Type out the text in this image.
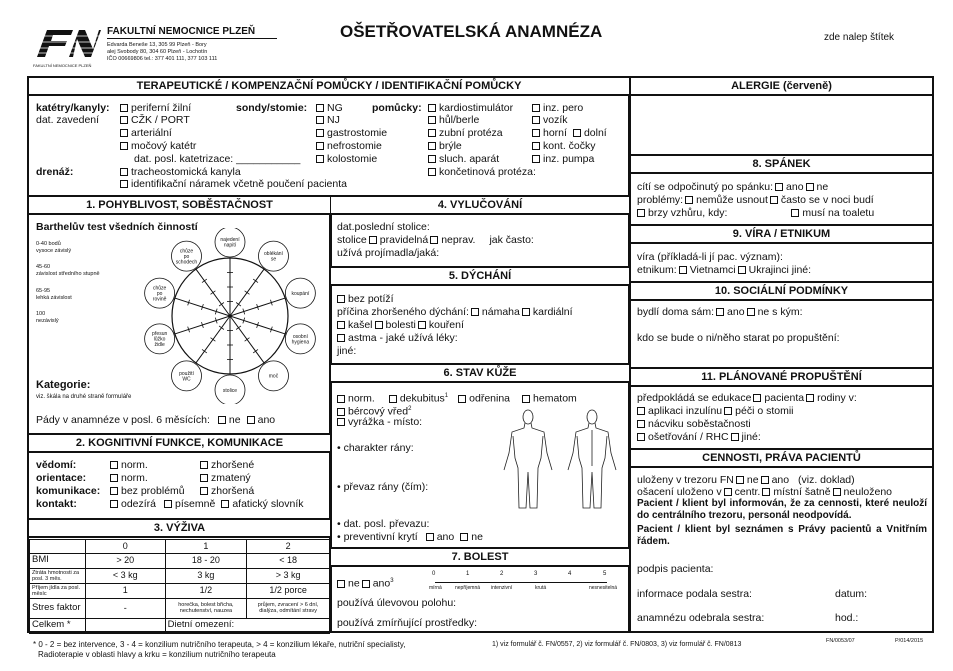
FAKULTNÍ NEMOCNICE PLZEŇ
FAKULTNÍ NEMOCNICE PLZEŇ
Edvarda Beneše 13, 305 99 Plzeň - Bory
alej Svobody 80, 304 60 Plzeň - Lochotín
IČO 00669806 tel.: 377 401 111, 377 103 111
OŠETŘOVATELSKÁ ANAMNÉZA	zde nalep štítek
TERAPEUTICKÉ / KOMPENZAČNÍ POMŮCKY / IDENTIFIKAČNÍ POMŮCKY
katétry/kanyly:
dat. zavedení
periferní žilní
CŽK / PORT
arteriální
močový katétr
dat. posl. katetrizace: ___________
sondy/stomie:	NG
NJ
gastrostomie
nefrostomie
kolostomie
pomůcky:	kardiostimulátor
hůl/berle
zubní protéza
brýle
sluch. aparát
inz. pero
vozík
horní dolní
kont. čočky
inz. pumpa
končetinová protéza:
drenáž:	tracheostomická kanyla
identifikační náramek včetně poučení pacienta
ALERGIE (červeně)
8. SPÁNEK
cítí se odpočinutý po spánku: ano ne
problémy: nemůže usnout často se v noci budí
brzy vzhůru, kdy:	musí na toaletu
9. VÍRA / ETNIKUM
víra (příkladá-li jí pac. význam):
etnikum: Vietnamci Ukrajinci jiné:
10. SOCIÁLNÍ PODMÍNKY
bydlí doma sám: ano ne s kým:
kdo se bude o ni/něho starat po propuštění:
11. PLÁNOVANÉ PROPUŠTĚNÍ
předpokládá se edukace pacienta rodiny v:
aplikaci inzulínu péči o stomii
nácviku soběstačnosti
ošetřování / RHC jiné:
CENNOSTI, PRÁVA PACIENTŮ
uloženy v trezoru FN ne ano (viz. doklad)
ošacení uloženo v centr. místní šatně neuloženo
Pacient / klient byl informován, že za cennosti, které neuloží do centrálního trezoru, personál neodpovídá.
Pacient / klient byl seznámen s Právy pacientů a Vnitřním řádem.
podpis pacienta:
informace podala sestra:	datum:
anamnézu odebrala sestra:	hod.:
1. POHYBLIVOST, SOBĚSTAČNOST
Barthelův test všedních činností
0-40 bodů
vysoce závislý
45-60
závislost středního stupně
65-95
lehká závislost
100
nezávislý
najedení
napití
oblékání
se
koupání
osobní
hygiena
moč
stolice
použití
WC
přesun
lůžko
židle
chůze
po
rovině
chůze
po
schodech
Kategorie:
viz. škála na druhé straně formuláře
Pády v anamnéze v posl. 6 měsících: ne ano
2. KOGNITIVNÍ FUNKCE, KOMUNIKACE
vědomí:	norm.	zhoršené
orientace:	norm.	zmatený
komunikace:	bez problémů	zhoršená
kontakt:	odezírá písemně afatický slovník
3. VÝŽIVA
	0	1	2
BMI	> 20	18 - 20	< 18
Ztráta hmotnosti za posl. 3 měs.	< 3 kg	3 kg	> 3 kg
Příjem jídla za posl. měsíc	1	1/2	1/2 porce
Stres faktor	-	horečka, bolest břicha, nechutenství, nauzea	průjem, zvracení > 6 dní, dialýza, odmítání stravy
Celkem *		Dietní omezení:	
4. VYLUČOVÁNÍ
dat.poslední stolice:
stolice pravidelná neprav. jak často:
užívá projímadla/jaká:
5. DÝCHÁNÍ
bez potíží
příčina zhoršeného dýchání: námaha kardiální
kašel bolesti kouření
astma - jaké užívá léky:
jiné:
6. STAV KŮŽE
norm. dekubitus$^1$ odřenina hematom
bércový vřed$^2$
vyrážka - místo:
• charakter rány:
• převaz rány (čím):
• dat. posl. převazu:
• preventivní krytí ano ne
7. BOLEST
ne ano$^3$
0	1	2	3	4	5
mírná	nepříjemná intenzivní	krutá	nesnesitelná
používá úlevovou polohu:
používá zmírňující prostředky:
* 0 - 2 = bez intervence, 3 - 4 = konzilium nutričního terapeuta, > 4 = konzilium lékaře, nutriční specialisty,
Radioterapie v oblasti hlavy a krku = konzilium nutričního terapeuta
1) viz formulář č. FN/0557, 2) viz formulář č. FN/0803, 3) viz formulář č. FN/0813	FN/0053/07	P/014/2015
